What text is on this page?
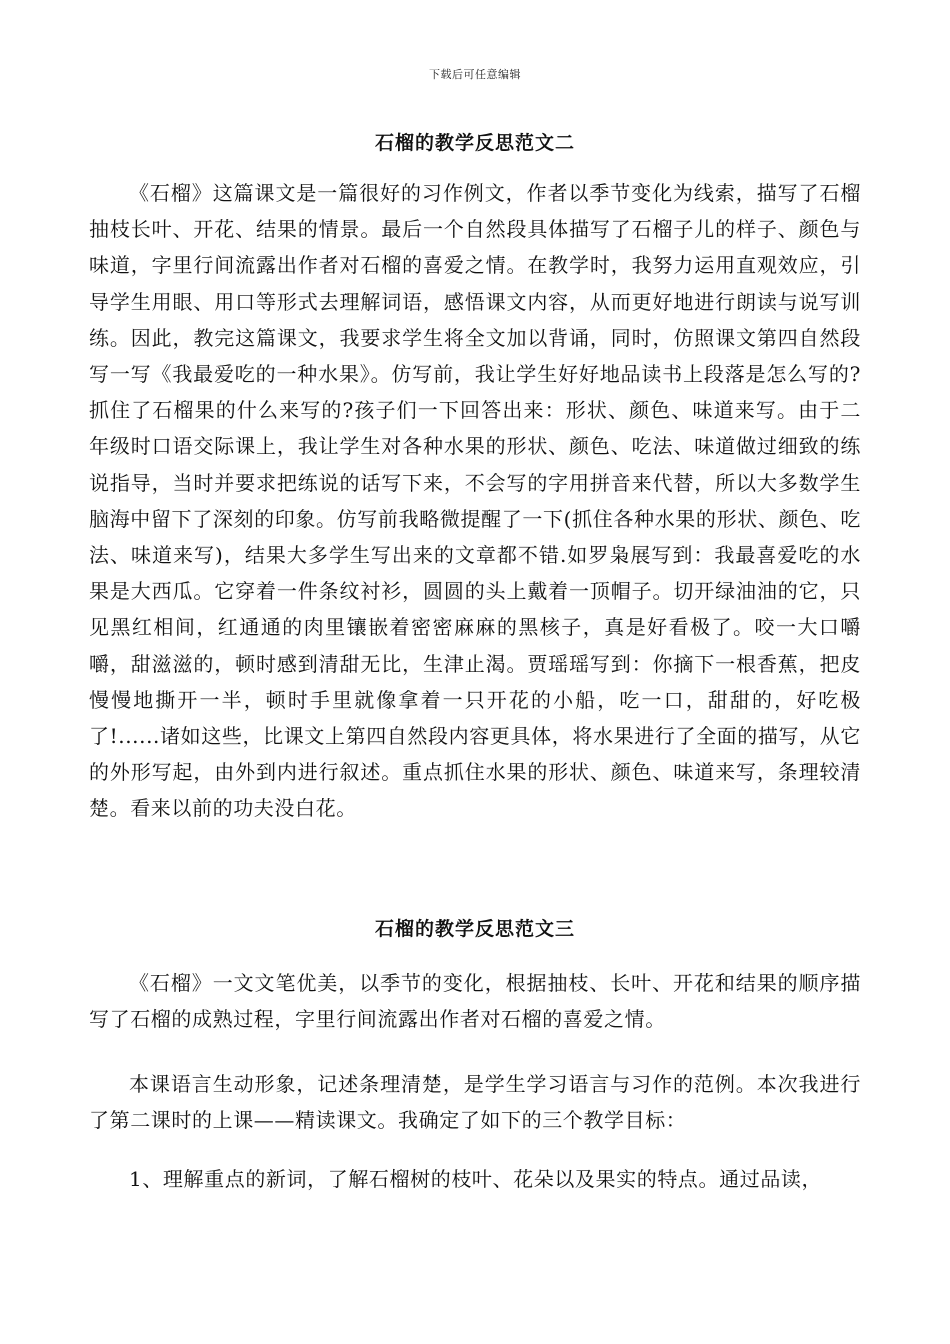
下载后可任意编辑
石榴的教学反思范文二
《石榴》这篇课文是一篇很好的习作例文，作者以季节变化为线索，描写了石榴抽枝长叶、开花、结果的情景。最后一个自然段具体描写了石榴子儿的样子、颜色与味道，字里行间流露出作者对石榴的喜爱之情。在教学时，我努力运用直观效应，引导学生用眼、用口等形式去理解词语，感悟课文内容，从而更好地进行朗读与说写训练。因此，教完这篇课文，我要求学生将全文加以背诵，同时，仿照课文第四自然段写一写《我最爱吃的一种水果》。仿写前，我让学生好好地品读书上段落是怎么写的?抓住了石榴果的什么来写的?孩子们一下回答出来：形状、颜色、味道来写。由于二年级时口语交际课上，我让学生对各种水果的形状、颜色、吃法、味道做过细致的练说指导，当时并要求把练说的话写下来，不会写的字用拼音来代替，所以大多数学生脑海中留下了深刻的印象。仿写前我略微提醒了一下(抓住各种水果的形状、颜色、吃法、味道来写)，结果大多学生写出来的文章都不错.如罗枭展写到：我最喜爱吃的水果是大西瓜。它穿着一件条纹衬衫，圆圆的头上戴着一顶帽子。切开绿油油的它，只见黑红相间，红通通的肉里镶嵌着密密麻麻的黑核子，真是好看极了。咬一大口嚼嚼，甜滋滋的，顿时感到清甜无比，生津止渴。贾瑶瑶写到：你摘下一根香蕉，把皮慢慢地撕开一半，顿时手里就像拿着一只开花的小船，吃一口，甜甜的，好吃极了!......诸如这些，比课文上第四自然段内容更具体，将水果进行了全面的描写，从它的外形写起，由外到内进行叙述。重点抓住水果的形状、颜色、味道来写，条理较清楚。看来以前的功夫没白花。
石榴的教学反思范文三
《石榴》一文文笔优美，以季节的变化，根据抽枝、长叶、开花和结果的顺序描写了石榴的成熟过程，字里行间流露出作者对石榴的喜爱之情。
本课语言生动形象，记述条理清楚，是学生学习语言与习作的范例。本次我进行了第二课时的上课——精读课文。我确定了如下的三个教学目标：
1、理解重点的新词，了解石榴树的枝叶、花朵以及果实的特点。通过品读，
